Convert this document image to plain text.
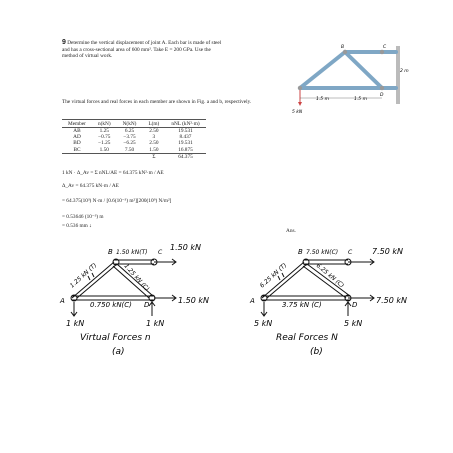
9 Determine the vertical displacement of joint A. Each bar is made of steel and has a cross-sectional area of 600 mm². Take E = 200 GPa. Use the method of virtual work.
B	C
D
5 kN
1.5 m	1.5 m
2 m
The virtual forces and real forces in each member are shown in Fig. a and b, respectively.
Member	n(kN)	N(kN)	L(m)	nNL (kN²·m)
AB	1.25	6.25	2.50	19.531
AD	−0.75	−3.75	3	8.437
BD	−1.25	−6.25	2.50	19.531
BC	1.50	7.50	1.50	16.875
			Σ	64.375
1 kN · Δ_Av = Σ nNL/AE = 64.375 kN²·m / AE
Δ_Av = 64.375 kN·m / AE
= 64.375(10³) N·m / [0.6(10⁻³) m²][200(10⁹) N/m²]
= 0.53646 (10⁻³) m
= 0.536 mm ↓
Ans.
B 1.50 kN(T) C
1.50 kN
1.25 kN (T)	1.25 kN (C)
A	0.750 kN(C) D	1.50 kN
1 kN	1 kN
Virtual Forces n
(a)
B 7.50 kN(C) C 7.50 kN
6.25 kN (T)	6.25 kN (C)
A	3.75 kN (C)	D 7.50 kN
5 kN	5 kN
Real Forces N
(b)
